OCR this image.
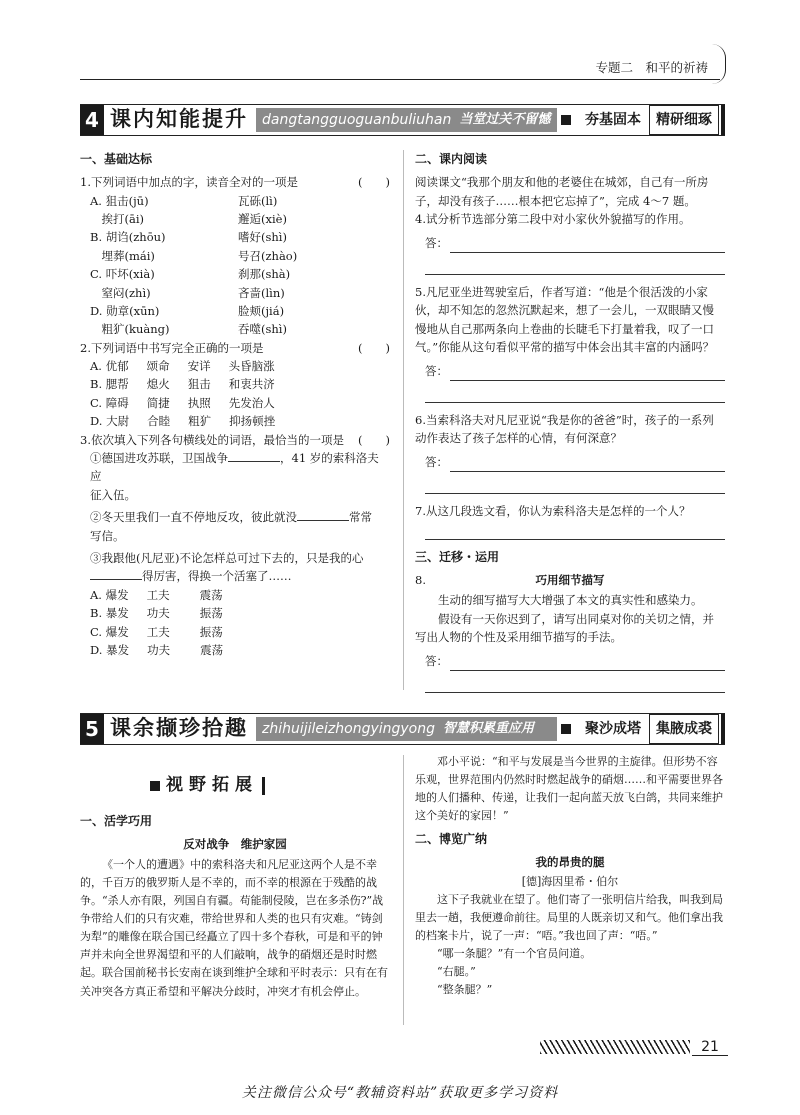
专题二　和平的祈祷
4 课内知能提升	dangtangguoguanbuliuhan 当堂过关不留憾	夯基固本	精研细琢
一、基础达标
1.下列词语中加点的字，读音全对的一项是	(　　)
A. 狙击(jū)	瓦砾(lì)
　挨打(āi)	邂逅(xiè)
B. 胡诌(zhōu)	嗜好(shì)
　埋葬(mái)	号召(zhào)
C. 吓坏(xià)	刹那(shà)
　窒闷(zhì)	吝啬(lìn)
D. 勋章(xūn)	脸颊(jiá)
　粗犷(kuàng)	吞噬(shì)
2.下列词语中书写完全正确的一项是	(　　)
A. 优郁 颂命 安详 头昏脑涨
B. 腮帮 熄火 狙击 和衷共济
C. 障碍 简捷 执照 先发治人
D. 大尉 合睦 粗犷 抑扬顿挫
3.依次填入下列各句横线处的词语，最恰当的一项是	(　　)
①德国进攻苏联，卫国战争	，41 岁的索科洛夫应
征入伍。
②冬天里我们一直不停地反攻，彼此就没	常常
写信。
③我跟他(凡尼亚)不论怎样总可过下去的，只是我的心
得厉害，得换一个活塞了……
A. 爆发 工夫	震荡
B. 暴发 功夫	振荡
C. 爆发 工夫	振荡
D. 暴发 功夫	震荡
二、课内阅读
阅读课文“我那个朋友和他的老婆住在城郊，自己有一所房子，却没有孩子……根本把它忘掉了”，完成 4～7 题。
4.试分析节选部分第二段中对小家伙外貌描写的作用。
答：
5.凡尼亚坐进驾驶室后，作者写道：“他是个很活泼的小家伙，却不知怎的忽然沉默起来，想了一会儿，一双眼睛又慢慢地从自己那两条向上卷曲的长睫毛下打量着我，叹了一口气。”你能从这句看似平常的描写中体会出其丰富的内涵吗？
答：
6.当索科洛夫对凡尼亚说“我是你的爸爸”时，孩子的一系列动作表达了孩子怎样的心情，有何深意？
答：
7.从这几段选文看，你认为索科洛夫是怎样的一个人？
三、迁移・运用
8.	巧用细节描写
生动的细写描写大大增强了本文的真实性和感染力。
假设有一天你迟到了，请写出同桌对你的关切之情，并写出人物的个性及采用细节描写的手法。
答：
5 课余撷珍拾趣	zhihuijileizhongyingyong 智慧积累重应用	聚沙成塔	集腋成裘
视野拓展
一、活学巧用
反对战争　维护家园
《一个人的遭遇》中的索科洛夫和凡尼亚这两个人是不幸的，千百万的俄罗斯人是不幸的，而不幸的根源在于残酷的战争。“杀人亦有限，列国自有疆。苟能制侵陵，岂在多杀伤?”战争带给人们的只有灾难，带给世界和人类的也只有灾难。“铸剑为犁”的雕像在联合国已经矗立了四十多个春秋，可是和平的钟声并未向全世界渴望和平的人们敲响，战争的硝烟还是时时燃起。联合国前秘书长安南在谈到维护全球和平时表示：只有在有关冲突各方真正希望和平解决分歧时，冲突才有机会停止。
邓小平说：“和平与发展是当今世界的主旋律。但形势不容乐观，世界范围内仍然时时燃起战争的硝烟……和平需要世界各地的人们播种、传递，让我们一起向蓝天放飞白鸽，共同来维护这个美好的家园！”
二、博览广纳
我的昂贵的腿
[德]海因里希・伯尔
这下子我就业在望了。他们寄了一张明信片给我，叫我到局里去一趟，我便遵命前往。局里的人既亲切又和气。他们拿出我的档案卡片，说了一声：“唔。”我也回了声：“唔。”
“哪一条腿？”有一个官员问道。
“右腿。”
“整条腿？”
21
关注微信公众号“教辅资料站”获取更多学习资料
